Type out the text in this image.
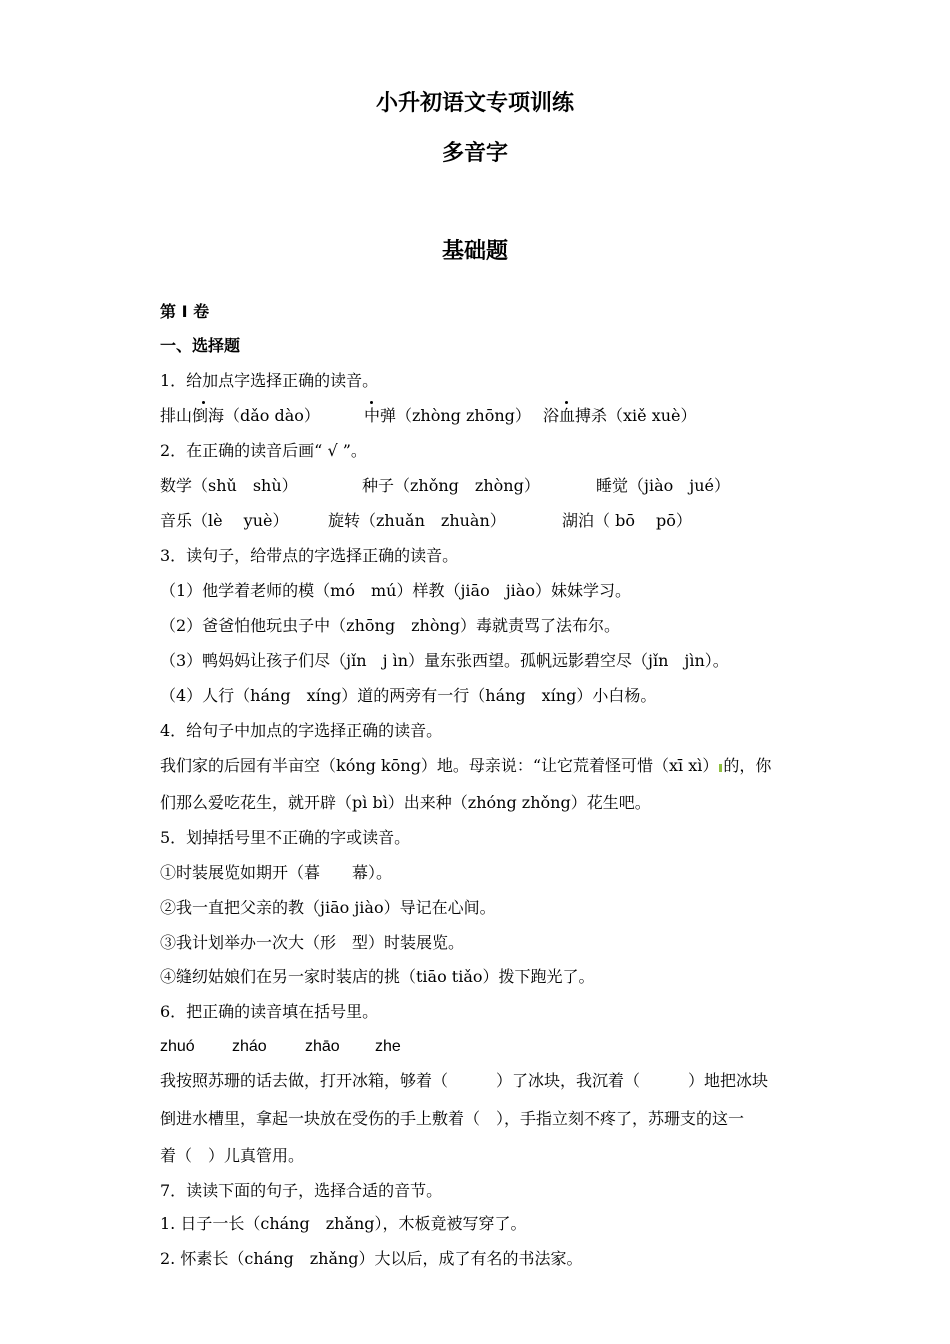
小升初语文专项训练
多音字
基础题
第 I 卷
一、选择题
1．给加点字选择正确的读音。
排山倒海（dǎo dào）	中弹（zhòng zhōng） 浴血搏杀（xiě xuè）
2．在正确的读音后画“ √ ”。
数学（shǔ　shù）	种子（zhǒng　zhòng）	睡觉（jiào　jué）
音乐（lè　 yuè） 旋转（zhuǎn　zhuàn）	湖泊（ bō　 pō）
3．读句子，给带点的字选择正确的读音。
（1）他学着老师的模（mó　mú）样教（jiāo　jiào）妹妹学习。
（2）爸爸怕他玩虫子中（zhōng　zhòng）毒就责骂了法布尔。
（3）鸭妈妈让孩子们尽（jǐn　j ìn）量东张西望。孤帆远影碧空尽（jǐn　jìn）。
（4）人行（háng　xíng）道的两旁有一行（háng　xíng）小白杨。
4．给句子中加点的字选择正确的读音。
我们家的后园有半亩空（kóng kōng）地。母亲说：“让它荒着怪可惜（xī xì） 的，你
们那么爱吃花生，就开辟（pì bì）出来种（zhóng zhǒng）花生吧。
5．划掉括号里不正确的字或读音。
①时装展览如期开（暮　　幕）。
②我一直把父亲的教（jiāo jiào）导记在心间。
③我计划举办一次大（形　型）时装展览。
④缝纫姑娘们在另一家时装店的挑（tiāo tiǎo）拨下跑光了。
6．把正确的读音填在括号里。
zhuó zháo zhāo zhe
我按照苏珊的话去做，打开冰箱，够着（　　　）了冰块，我沉着（　　　）地把冰块
倒进水槽里，拿起一块放在受伤的手上敷着（　），手指立刻不疼了，苏珊支的这一
着（　）儿真管用。
7．读读下面的句子，选择合适的音节。
1. 日子一长（cháng　zhǎng），木板竟被写穿了。
2. 怀素长（cháng　zhǎng）大以后，成了有名的书法家。
